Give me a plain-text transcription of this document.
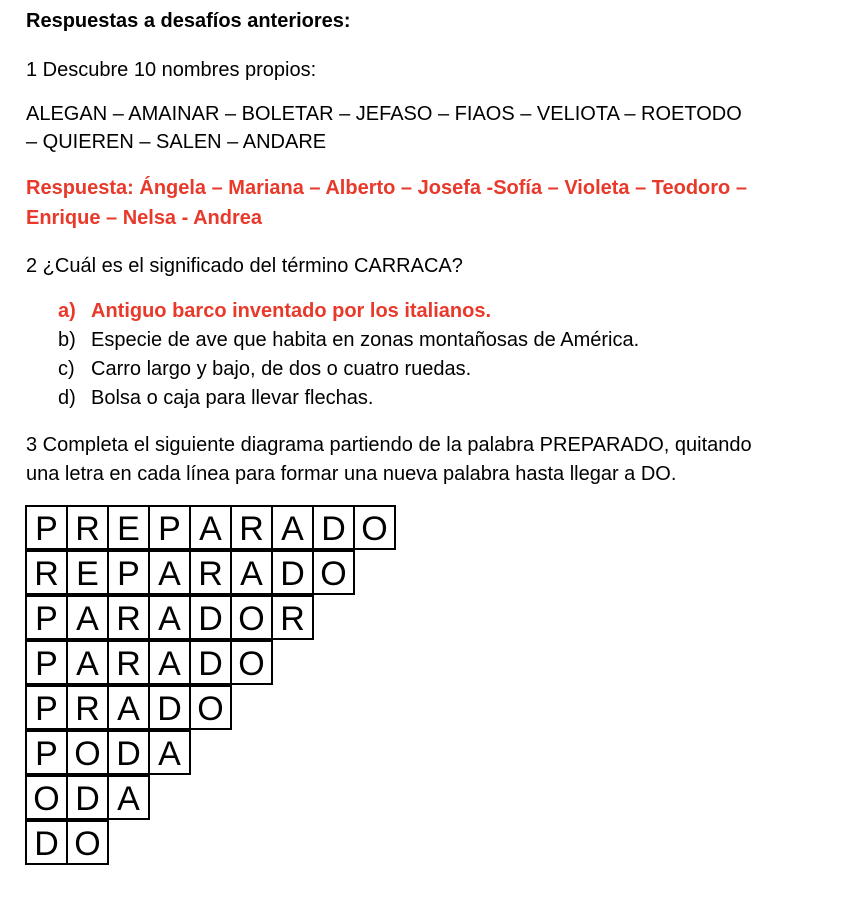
Respuestas a desafíos anteriores:

1 Descubre 10 nombres propios:

ALEGAN – AMAINAR – BOLETAR – JEFASO – FIAOS – VELIOTA – ROETODO

– QUIEREN – SALEN – ANDARE

Respuesta: Ángela – Mariana – Alberto – Josefa -Sofía – Violeta – Teodoro –

Enrique – Nelsa - Andrea

2 ¿Cuál es el significado del término CARRACA?

a) Antiguo barco inventado por los italianos.
b) Especie de ave que habita en zonas montañosas de América.
c) Carro largo y bajo, de dos o cuatro ruedas.
d) Bolsa o caja para llevar flechas.

3 Completa el siguiente diagrama partiendo de la palabra PREPARADO, quitando

una letra en cada línea para formar una nueva palabra hasta llegar a DO.

P R E P A R A D O
R E P A R A D O
P A R A D O R
P A R A D O
P R A D O
P O D A
O D A
D O
